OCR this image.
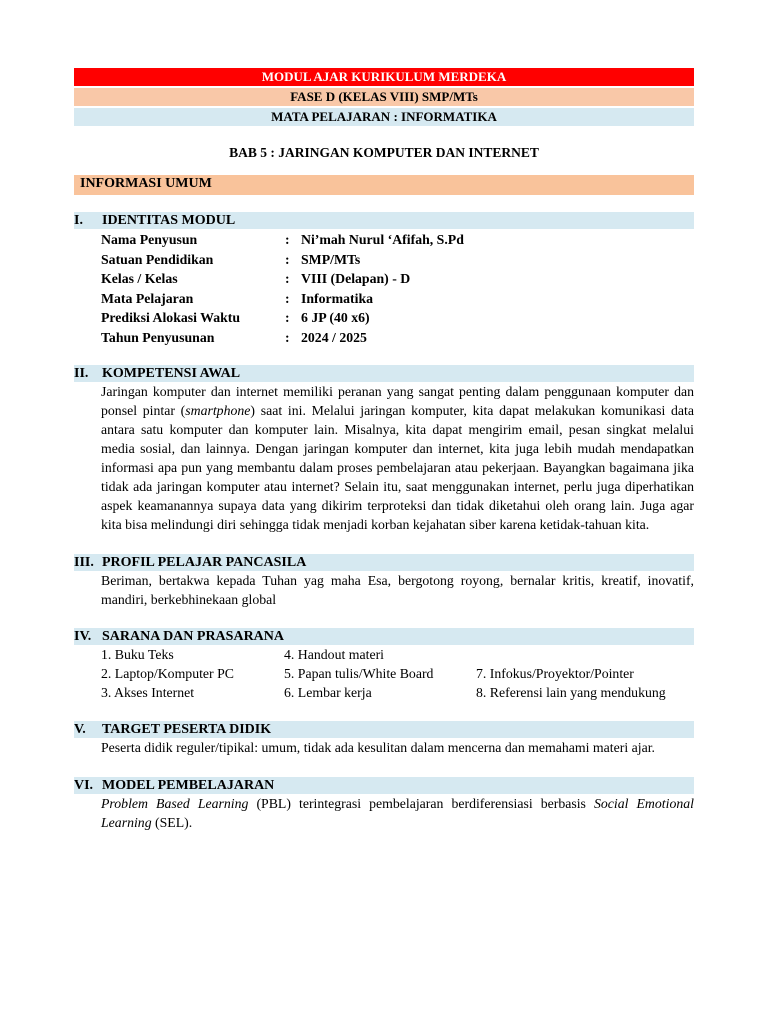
MODUL AJAR KURIKULUM MERDEKA
FASE D (KELAS VIII) SMP/MTs
MATA PELAJARAN : INFORMATIKA
BAB 5 : JARINGAN KOMPUTER DAN INTERNET
INFORMASI UMUM
I. IDENTITAS MODUL
Nama Penyusun	: Ni’mah Nurul ‘Afifah, S.Pd
Satuan Pendidikan	: SMP/MTs
Kelas / Kelas	: VIII (Delapan) - D
Mata Pelajaran	: Informatika
Prediksi Alokasi Waktu	: 6 JP (40 x6)
Tahun Penyusunan	: 2024 / 2025
II. KOMPETENSI AWAL
Jaringan komputer dan internet memiliki peranan yang sangat penting dalam penggunaan komputer dan ponsel pintar (smartphone) saat ini. Melalui jaringan komputer, kita dapat melakukan komunikasi data antara satu komputer dan komputer lain. Misalnya, kita dapat mengirim email, pesan singkat melalui media sosial, dan lainnya. Dengan jaringan komputer dan internet, kita juga lebih mudah mendapatkan informasi apa pun yang membantu dalam proses pembelajaran atau pekerjaan. Bayangkan bagaimana jika tidak ada jaringan komputer atau internet? Selain itu, saat menggunakan internet, perlu juga diperhatikan aspek keamanannya supaya data yang dikirim terproteksi dan tidak diketahui oleh orang lain. Juga agar kita bisa melindungi diri sehingga tidak menjadi korban kejahatan siber karena ketidak-tahuan kita.
III. PROFIL PELAJAR PANCASILA
Beriman, bertakwa kepada Tuhan yag maha Esa, bergotong royong, bernalar kritis, kreatif, inovatif, mandiri, berkebhinekaan global
IV. SARANA DAN PRASARANA
1. Buku Teks	4. Handout materi
2. Laptop/Komputer PC	5. Papan tulis/White Board	7. Infokus/Proyektor/Pointer
3. Akses Internet	6. Lembar kerja	8. Referensi lain yang mendukung
V. TARGET PESERTA DIDIK
Peserta didik reguler/tipikal: umum, tidak ada kesulitan dalam mencerna dan memahami materi ajar.
VI. MODEL PEMBELAJARAN
Problem Based Learning (PBL) terintegrasi pembelajaran berdiferensiasi berbasis Social Emotional Learning (SEL).
